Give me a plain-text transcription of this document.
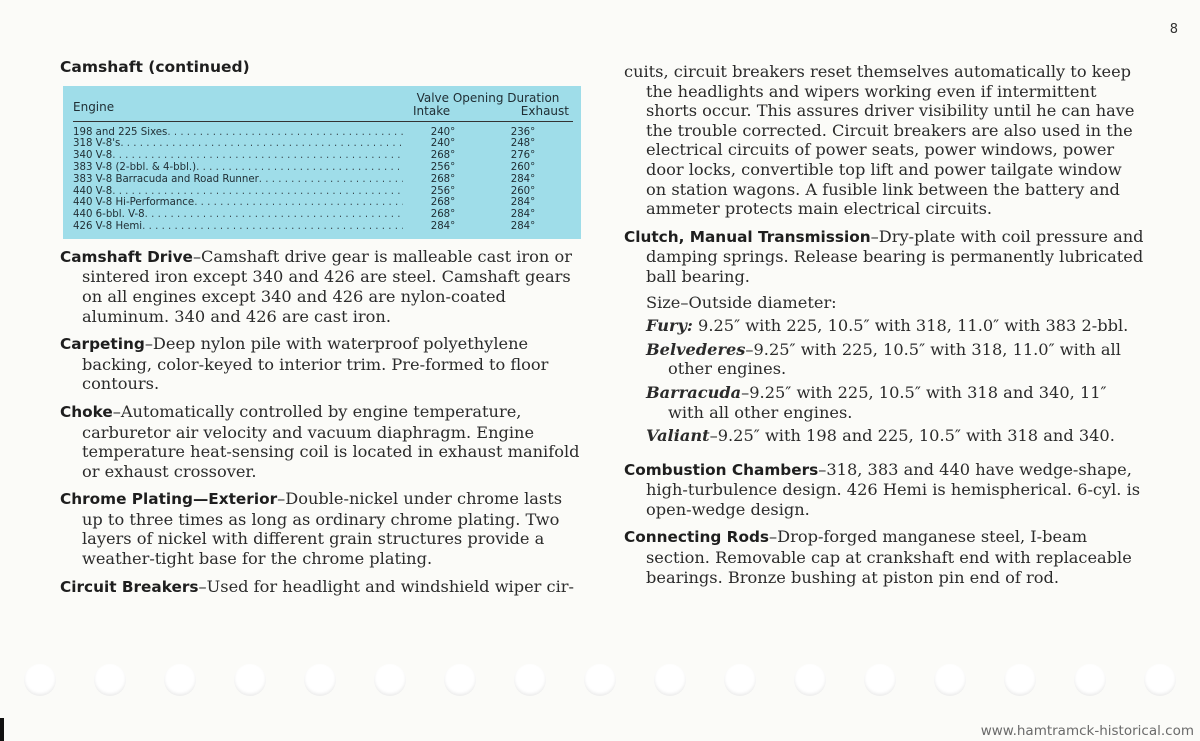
8
Camshaft (continued)
Engine
Valve Opening Duration
Intake	Exhaust
198 and 225 Sixes . . .	240°	236°
318 V-8's . . .	240°	248°
340 V-8 . . .	268°	276°
383 V-8 (2-bbl. & 4-bbl.) . . .	256°	260°
383 V-8 Barracuda and Road Runner . . .	268°	284°
440 V-8 . . .	256°	260°
440 V-8 Hi-Performance . . .	268°	284°
440 6-bbl. V-8 . . .	268°	284°
426 V-8 Hemi . . .	284°	284°

Camshaft Drive–Camshaft drive gear is malleable cast iron or sintered iron except 340 and 426 are steel. Camshaft gears on all engines except 340 and 426 are nylon-coated aluminum. 340 and 426 are cast iron.

Carpeting–Deep nylon pile with waterproof polyethylene backing, color-keyed to interior trim. Pre-formed to floor contours.

Choke–Automatically controlled by engine temperature, carburetor air velocity and vacuum diaphragm. Engine temperature heat-sensing coil is located in exhaust manifold or exhaust crossover.

Chrome Plating—Exterior–Double-nickel under chrome lasts up to three times as long as ordinary chrome plating. Two layers of nickel with different grain structures provide a weather-tight base for the chrome plating.

Circuit Breakers–Used for headlight and windshield wiper cir-

cuits, circuit breakers reset themselves automatically to keep the headlights and wipers working even if intermittent shorts occur. This assures driver visibility until he can have the trouble corrected. Circuit breakers are also used in the electrical circuits of power seats, power windows, power door locks, convertible top lift and power tailgate window on station wagons. A fusible link between the battery and ammeter protects main electrical circuits.

Clutch, Manual Transmission–Dry-plate with coil pressure and damping springs. Release bearing is permanently lubricated ball bearing.

Size–Outside diameter:

Fury: 9.25″ with 225, 10.5″ with 318, 11.0″ with 383 2-bbl.

Belvederes–9.25″ with 225, 10.5″ with 318, 11.0″ with all other engines.

Barracuda–9.25″ with 225, 10.5″ with 318 and 340, 11″ with all other engines.

Valiant–9.25″ with 198 and 225, 10.5″ with 318 and 340.

Combustion Chambers–318, 383 and 440 have wedge-shape, high-turbulence design. 426 Hemi is hemispherical. 6-cyl. is open-wedge design.

Connecting Rods–Drop-forged manganese steel, I-beam section. Removable cap at crankshaft end with replaceable bearings. Bronze bushing at piston pin end of rod.

www.hamtramck-historical.com
